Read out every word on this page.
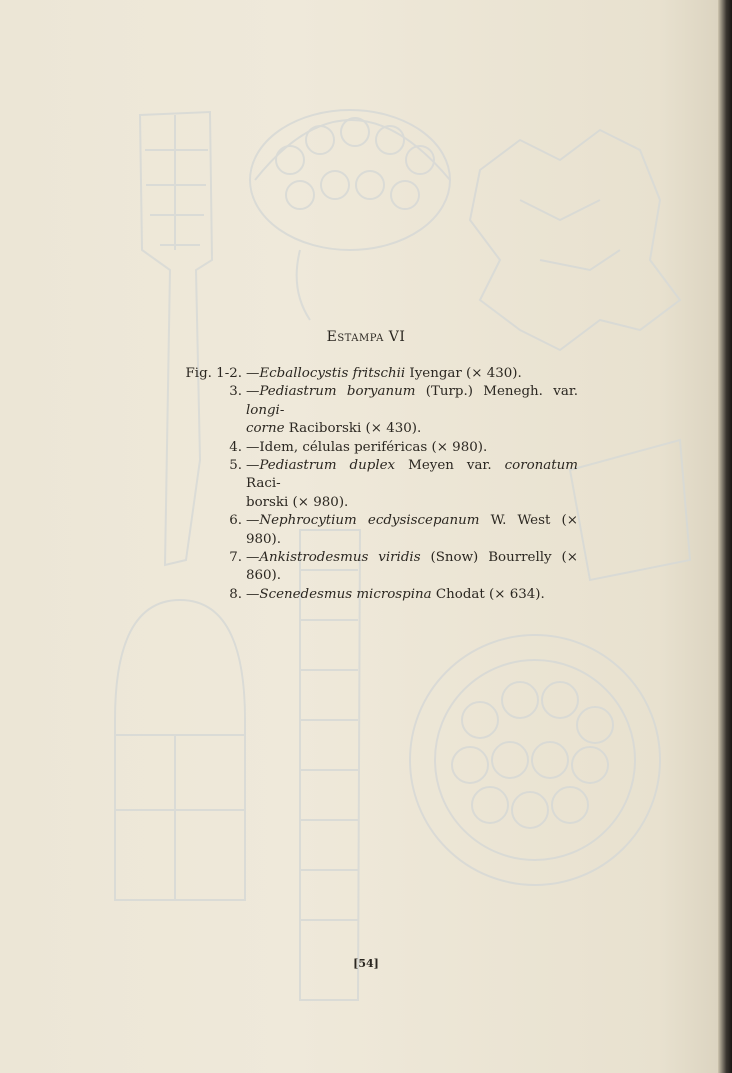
Estampa VI
Fig. 1-2. —Ecballocystis fritschii Iyengar (× 430).
3. —Pediastrum boryanum (Turp.) Menegh. var. longi-
corne Raciborski (× 430).
4. —Idem, células periféricas (× 980).
5. —Pediastrum duplex Meyen var. coronatum Raci-
borski (× 980).
6. —Nephrocytium ecdysiscepanum W. West (× 980).
7. —Ankistrodesmus viridis (Snow) Bourrelly (× 860).
8. —Scenedesmus microspina Chodat (× 634).
[54]
